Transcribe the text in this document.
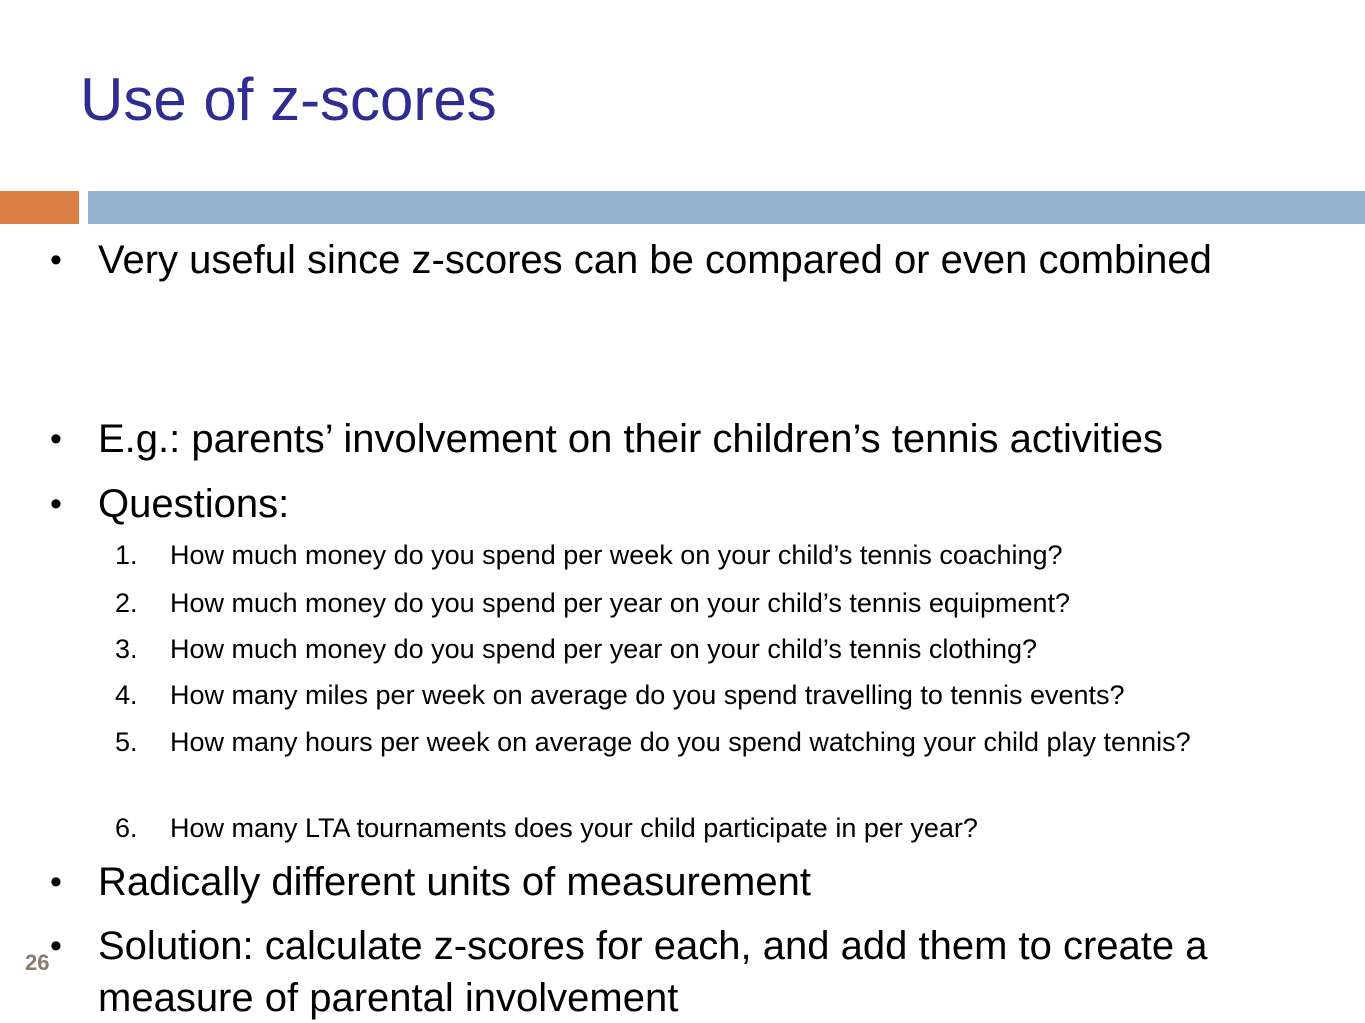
Use of z-scores
• Very useful since z-scores can be compared or even combined
• E.g.: parents’ involvement on their children’s tennis activities
• Questions:
1. How much money do you spend per week on your child’s tennis coaching?
2. How much money do you spend per year on your child’s tennis equipment?
3. How much money do you spend per year on your child’s tennis clothing?
4. How many miles per week on average do you spend travelling to tennis events?
5. How many hours per week on average do you spend watching your child play tennis?
6. How many LTA tournaments does your child participate in per year?
• Radically different units of measurement
• Solution: calculate z-scores for each, and add them to create a measure of parental involvement
26
